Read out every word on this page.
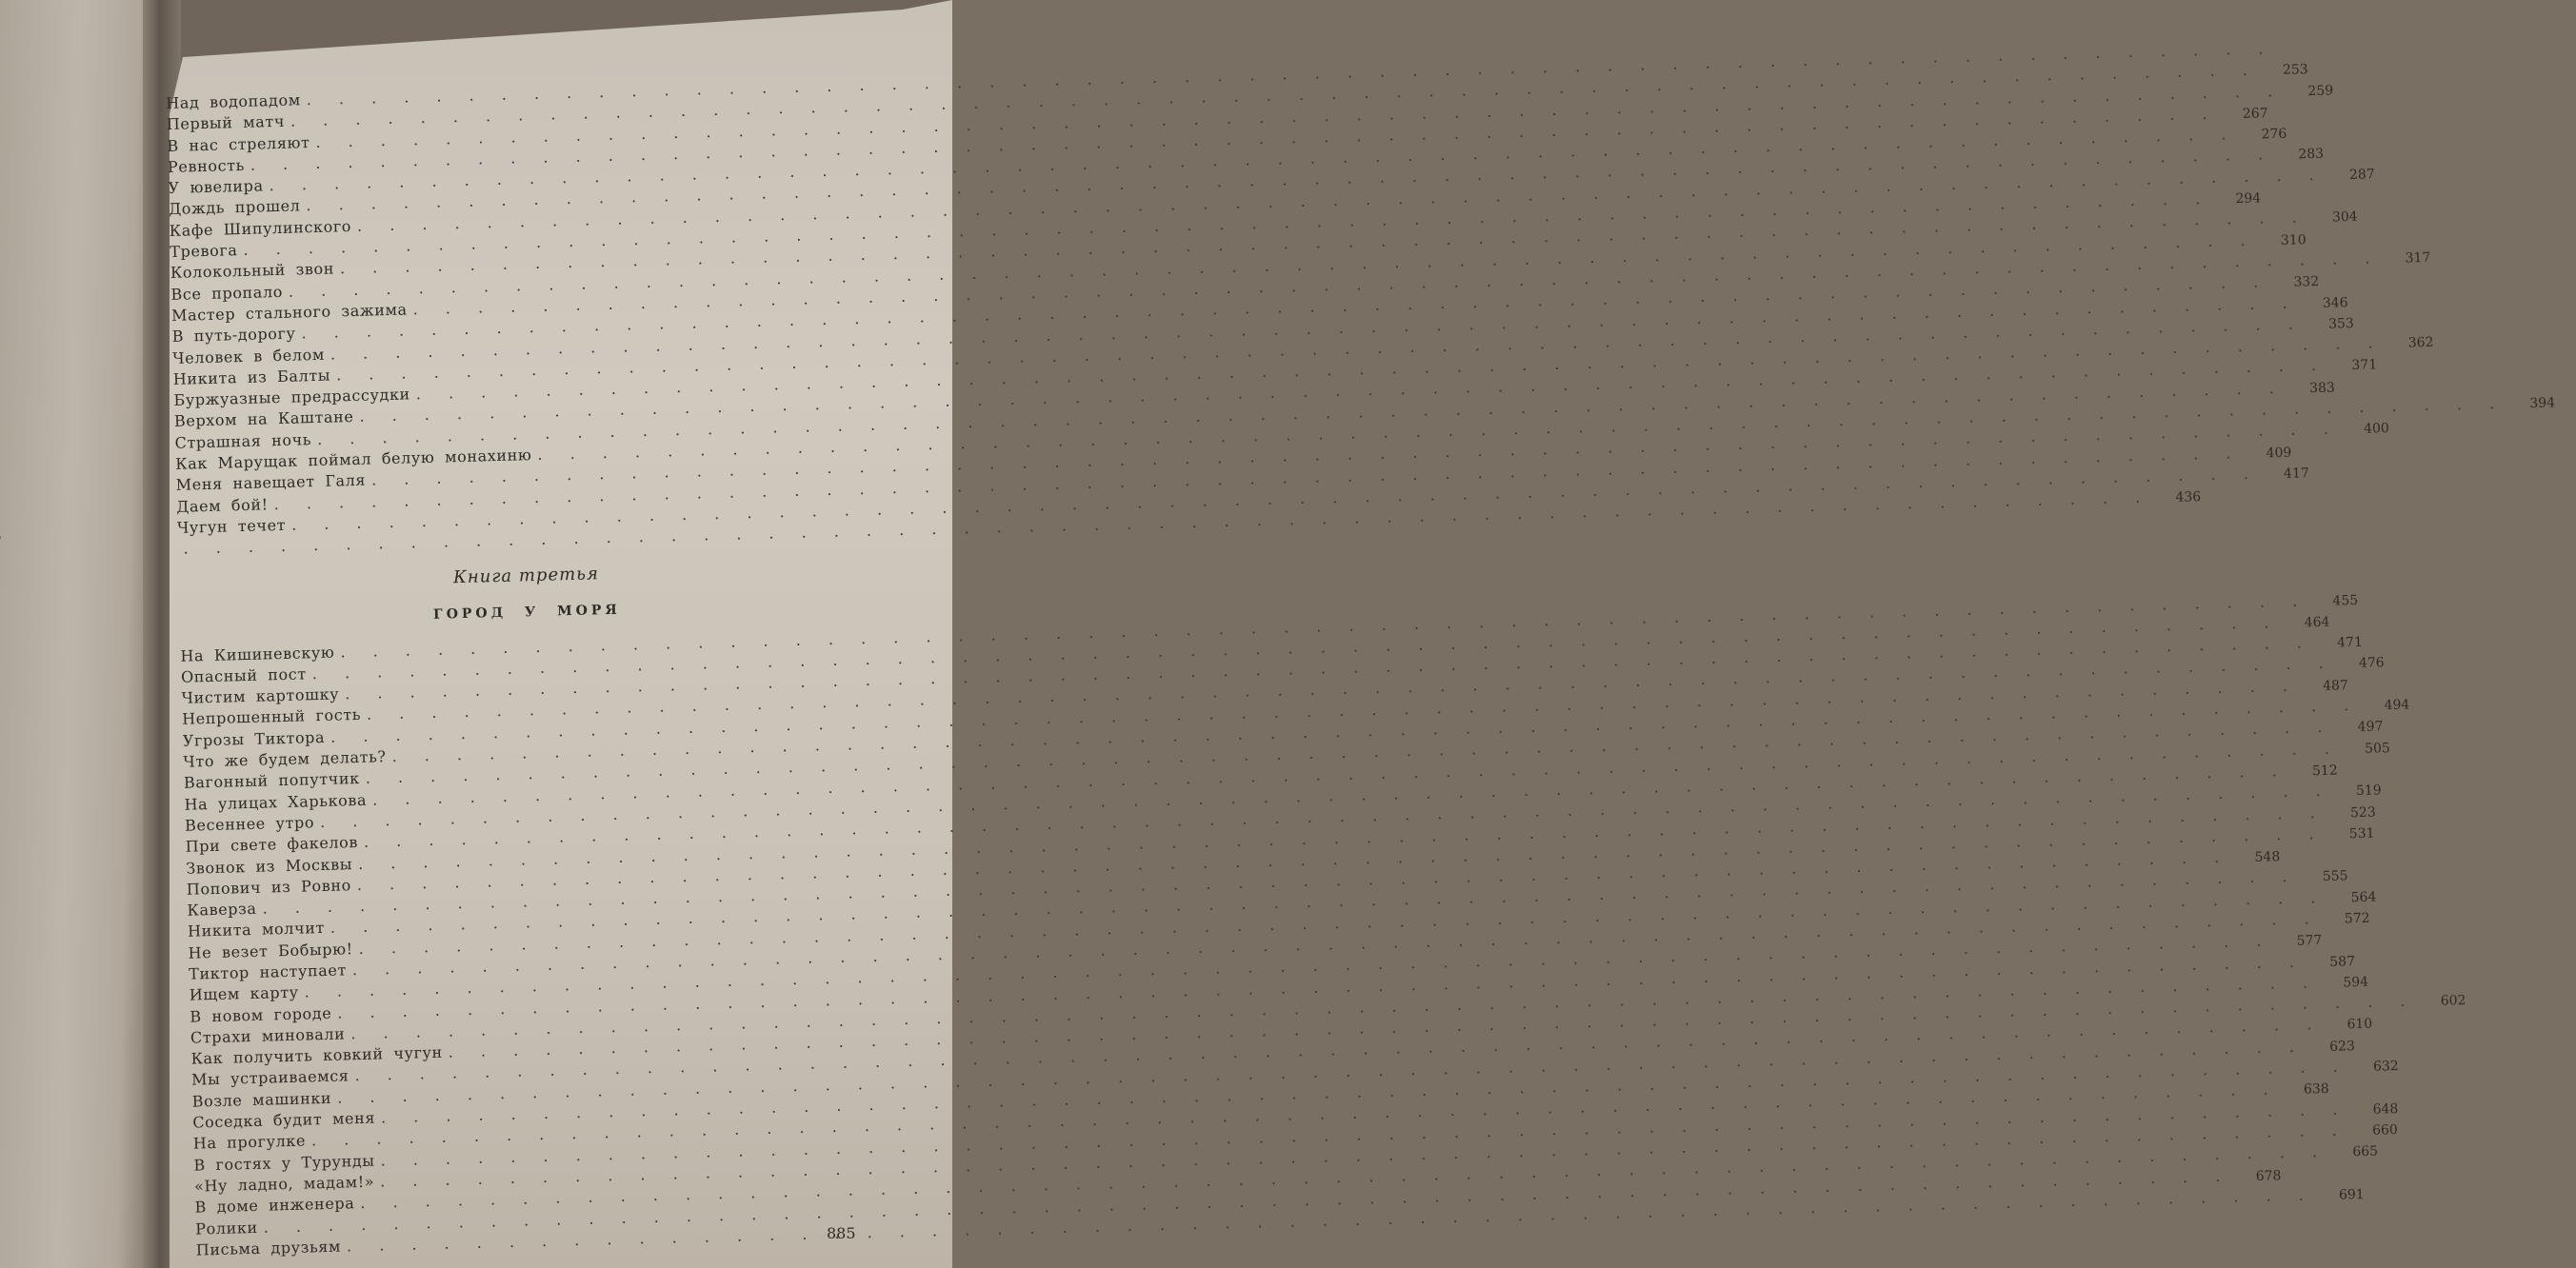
Над водопадом
. . .
Первый матч
. . .
253
В нас стреляют
. . .
259
Ревность
. . .
267
У ювелира
. . .
276
Дождь прошел
. . .
283
Кафе Шипулинского
. . .
287
Тревога
. . .
294
Колокольный звон
. . .
304
Все пропало
. . .
310
Мастер стального зажима
. . .
317
В путь-дорогу
. . .
332
Человек в белом
. . .
346
Никита из Балты
. . .
353
Буржуазные предрассудки
. . .
362
Верхом на Каштане
. . .
371
Страшная ночь
. . .
383
Как Марущак поймал белую монахиню
. . .
394
Меня навещает Галя
. . .
400
Даем бой!
. . .
409
Чугун течет
. . .
417
. . .
436
Книга третья
ГОРОД У МОРЯ
На Кишиневскую
. . .
455
Опасный пост
. . .
464
Чистим картошку
. . .
471
Непрошенный гость
. . .
476
Угрозы Тиктора
. . .
487
Что же будем делать?
. . .
494
Вагонный попутчик
. . .
497
На улицах Харькова
. . .
505
Весеннее утро
. . .
512
При свете факелов
. . .
519
Звонок из Москвы
. . .
523
Попович из Ровно
. . .
531
Каверза
. . .
548
Никита молчит
. . .
555
Не везет Бобырю!
. . .
564
Тиктор наступает
. . .
572
Ищем карту
. . .
577
В новом городе
. . .
587
Страхи миновали
. . .
594
Как получить ковкий чугун
. . .
602
Мы устраиваемся
. . .
610
Возле машинки
. . .
623
Соседка будит меня
. . .
632
На прогулке
. . .
638
В гостях у Турунды
. . .
648
«Ну ладно, мадам!»
. . .
660
В доме инженера
. . .
665
Ролики
. . .
678
Письма друзьям
. . .
691
885
